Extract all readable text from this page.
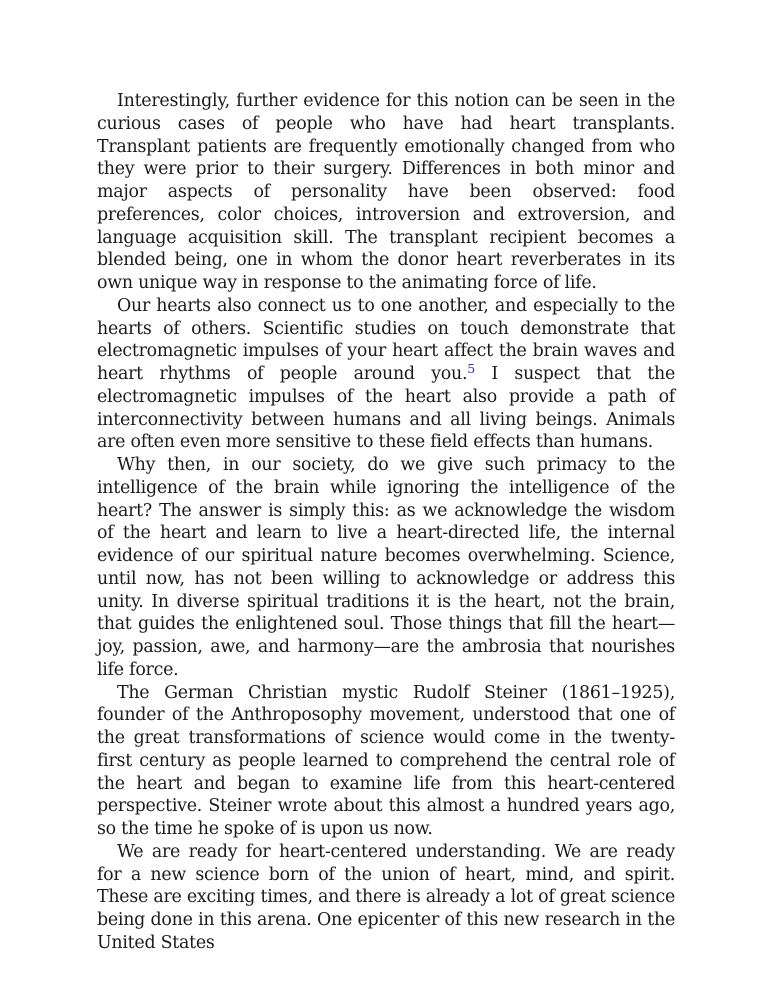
Interestingly, further evidence for this notion can be seen in the curious cases of people who have had heart transplants. Transplant patients are frequently emotionally changed from who they were prior to their surgery. Differences in both minor and major aspects of personality have been observed: food preferences, color choices, introversion and extroversion, and language acquisition skill. The transplant recipient becomes a blended being, one in whom the donor heart reverberates in its own unique way in response to the animating force of life.

Our hearts also connect us to one another, and especially to the hearts of others. Scientific studies on touch demonstrate that electromagnetic impulses of your heart affect the brain waves and heart rhythms of people around you.$^5$ I suspect that the electromagnetic impulses of the heart also provide a path of interconnectivity between humans and all living beings. Animals are often even more sensitive to these field effects than humans.

Why then, in our society, do we give such primacy to the intelligence of the brain while ignoring the intelligence of the heart? The answer is simply this: as we acknowledge the wisdom of the heart and learn to live a heart-directed life, the internal evidence of our spiritual nature becomes overwhelming. Science, until now, has not been willing to acknowledge or address this unity. In diverse spiritual traditions it is the heart, not the brain, that guides the enlightened soul. Those things that fill the heart—joy, passion, awe, and harmony—are the ambrosia that nourishes life force.

The German Christian mystic Rudolf Steiner (1861–1925), founder of the Anthroposophy movement, understood that one of the great transformations of science would come in the twenty-first century as people learned to comprehend the central role of the heart and began to examine life from this heart-centered perspective. Steiner wrote about this almost a hundred years ago, so the time he spoke of is upon us now.

We are ready for heart-centered understanding. We are ready for a new science born of the union of heart, mind, and spirit. These are exciting times, and there is already a lot of great science being done in this arena. One epicenter of this new research in the United States
